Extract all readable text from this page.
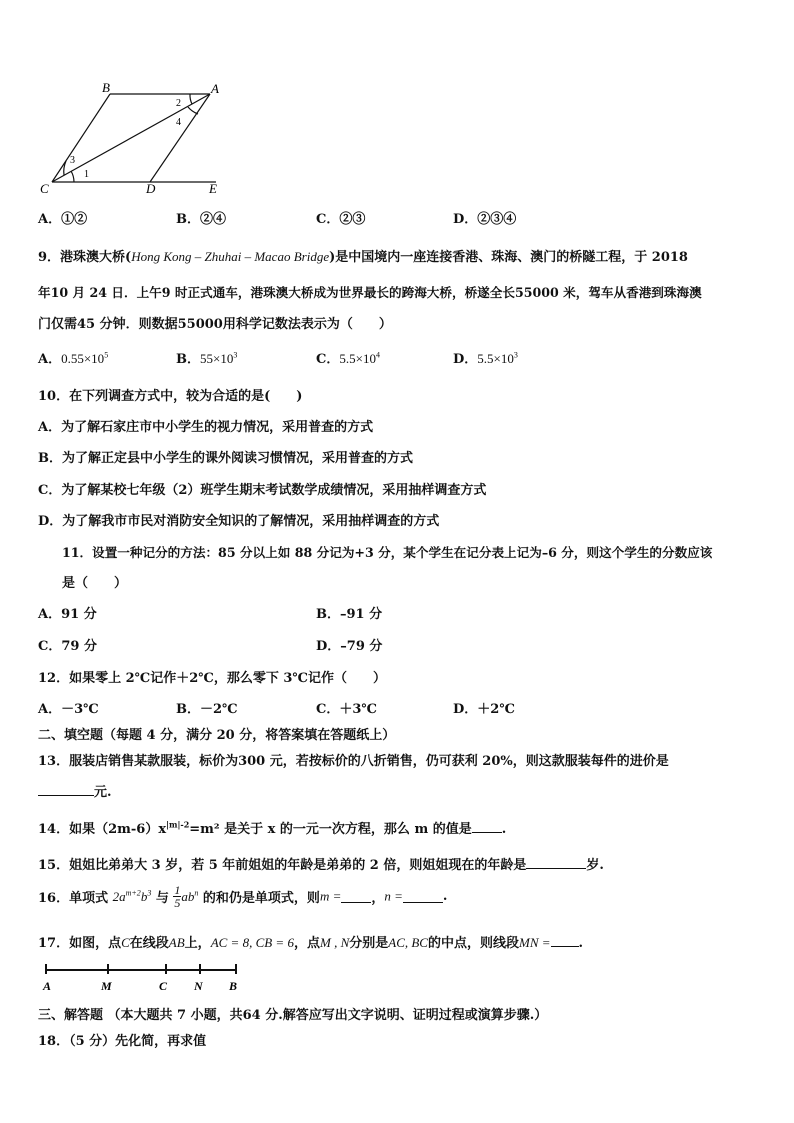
B	A
C	D	E
1
2
3
4
A．①②	B．②④	C．②③	D．②③④
9．港珠澳大桥(Hong Kong – Zhuhai – Macao Bridge)是中国境内一座连接香港、珠海、澳门的桥隧工程，于 2018
年10 月 24 日．上午9 时正式通车，港珠澳大桥成为世界最长的跨海大桥，桥遂全长55000 米，驾车从香港到珠海澳
门仅需45 分钟．则数据55000用科学记数法表示为（　　）
A．$0.55\times 10^5$	B．$55\times 10^3$	C．$5.5\times 10^4$	D．$5.5\times 10^3$
10．在下列调查方式中，较为合适的是(　　)
A．为了解石家庄市中小学生的视力情况，采用普查的方式
B．为了解正定县中小学生的课外阅读习惯情况，采用普查的方式
C．为了解某校七年级（2）班学生期末考试数学成绩情况，采用抽样调查方式
D．为了解我市市民对消防安全知识的了解情况，采用抽样调查的方式
11．设置一种记分的方法：85 分以上如 88 分记为+3 分，某个学生在记分表上记为–6 分，则这个学生的分数应该
是（　　）
A．91 分	B．–91 分
C．79 分	D．–79 分
12．如果零上 2℃记作＋2℃，那么零下 3℃记作（　　）
A．－3℃	B．－2℃	C．＋3℃	D．＋2℃
二、填空题（每题 4 分，满分 20 分，将答案填在答题纸上）
13．服装店销售某款服装，标价为300 元，若按标价的八折销售，仍可获利 20%，则这款服装每件的进价是
元.
14．如果$(2m-6)x^{|m|-2}=m^2$ 是关于 x 的一元一次方程，那么 m 的值是 .
15．姐姐比弟弟大 3 岁，若 5 年前姐姐的年龄是弟弟的 2 倍，则姐姐现在的年龄是	岁.
16．单项式 $2a^{m+2}b^3$ 与 $\frac{1}{5} ab^n$ 的和仍是单项式，则m = ，n =	.
17．如图，点C在线段AB上，AC = 8, CB = 6，点M , N分别是AC, BC的中点，则线段MN = .
A	M	C N B
三、解答题 （本大题共 7 小题，共64 分.解答应写出文字说明、证明过程或演算步骤.）
18．（5 分）先化简，再求值
